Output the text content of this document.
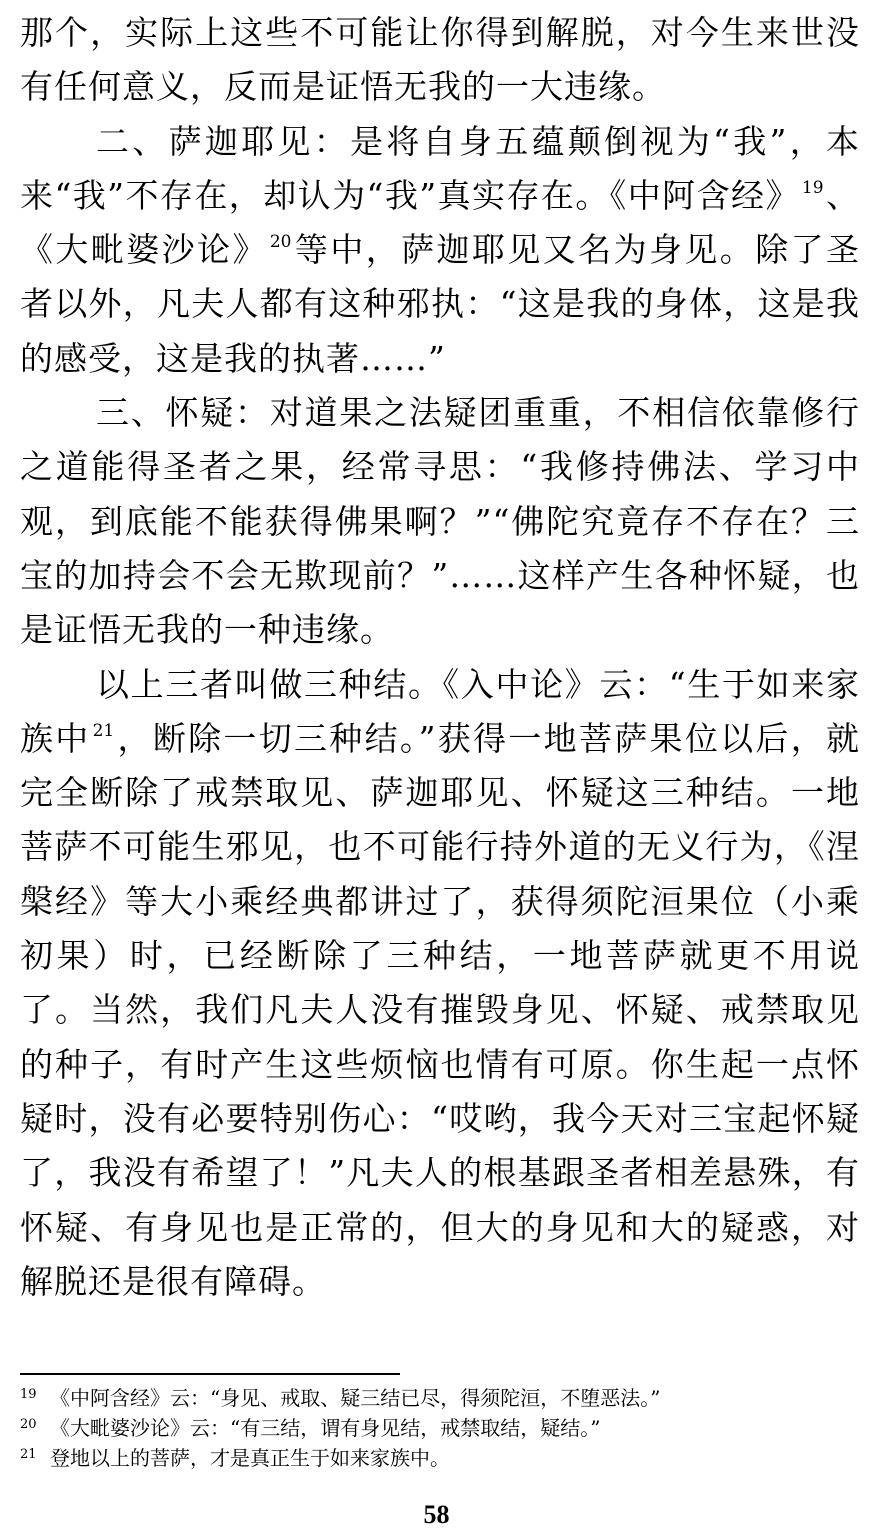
那个，实际上这些不可能让你得到解脱，对今生来世没有任何意义，反而是证悟无我的一大违缘。

二、萨迦耶见：是将自身五蕴颠倒视为“我”，本来“我”不存在，却认为“我”真实存在。《中阿含经》 $^{19}$、《大毗婆沙论》 $^{20}$等中，萨迦耶见又名为身见。除了圣者以外，凡夫人都有这种邪执：“这是我的身体，这是我的感受，这是我的执著……”

三、怀疑：对道果之法疑团重重，不相信依靠修行之道能得圣者之果，经常寻思：“我修持佛法、学习中观，到底能不能获得佛果啊？”“佛陀究竟存不存在？三宝的加持会不会无欺现前？”……这样产生各种怀疑，也是证悟无我的一种违缘。

以上三者叫做三种结。《入中论》云：“生于如来家族中 $^{21}$，断除一切三种结。”获得一地菩萨果位以后，就完全断除了戒禁取见、萨迦耶见、怀疑这三种结。一地菩萨不可能生邪见，也不可能行持外道的无义行为，《涅槃经》等大小乘经典都讲过了，获得须陀洹果位（小乘初果）时，已经断除了三种结，一地菩萨就更不用说了。当然，我们凡夫人没有摧毁身见、怀疑、戒禁取见的种子，有时产生这些烦恼也情有可原。你生起一点怀疑时，没有必要特别伤心：“哎哟，我今天对三宝起怀疑了，我没有希望了！”凡夫人的根基跟圣者相差悬殊，有怀疑、有身见也是正常的，但大的身见和大的疑惑，对解脱还是很有障碍。

19 《中阿含经》云：“身见、戒取、疑三结已尽，得须陀洹，不堕恶法。”

20 《大毗婆沙论》云：“有三结，谓有身见结，戒禁取结，疑结。”

21 登地以上的菩萨，才是真正生于如来家族中。

58
